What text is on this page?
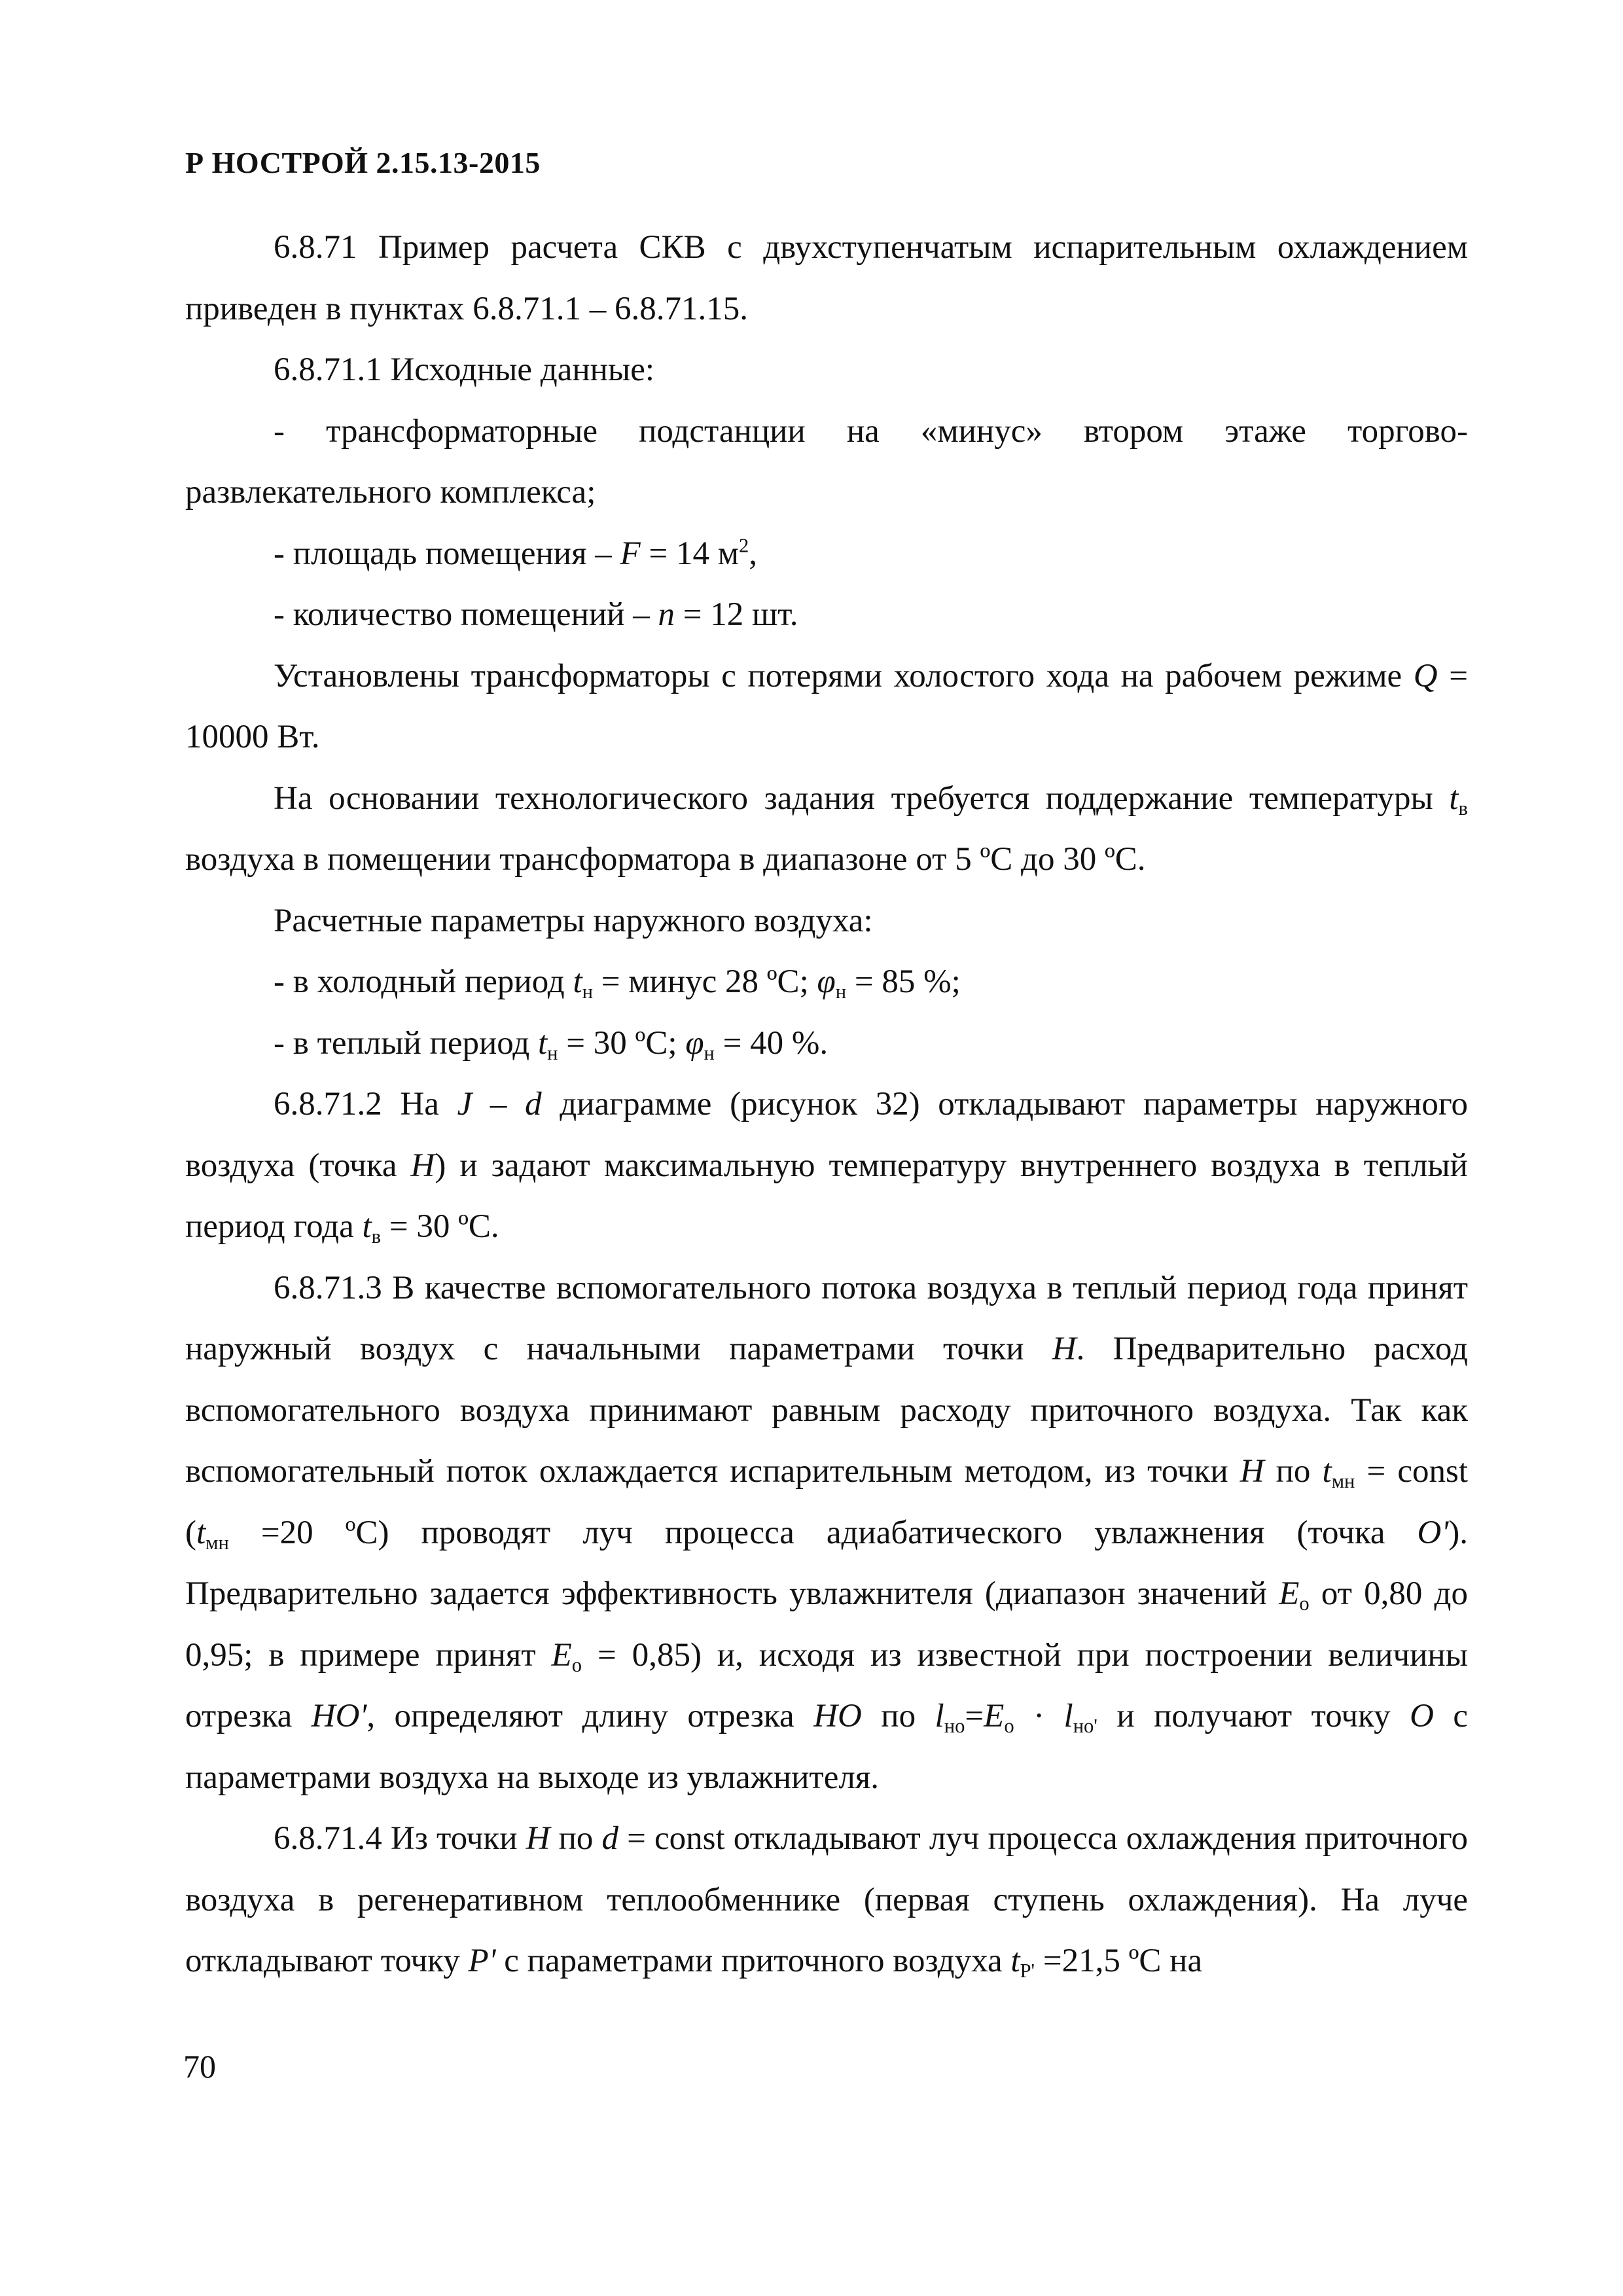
Р НОСТРОЙ 2.15.13-2015

6.8.71 Пример расчета СКВ с двухступенчатым испарительным охлаждением приведен в пунктах 6.8.71.1 – 6.8.71.15.

6.8.71.1 Исходные данные:

- трансформаторные подстанции на «минус» втором этаже торгово-развлекательного комплекса;

- площадь помещения – F = 14 $м^2$,

- количество помещений – n = 12 шт.

Установлены трансформаторы с потерями холостого хода на рабочем режиме Q = 10000 Вт.

На основании технологического задания требуется поддержание температуры $t_в$ воздуха в помещении трансформатора в диапазоне от 5 ºС до 30 ºС.

Расчетные параметры наружного воздуха:

- в холодный период $t_н$ = минус 28 ºС; $\varphi_н = 85$ %;

- в теплый период $t_н = 30$ ºС; $\varphi_н = 40$ %.

6.8.71.2 На J – d диаграмме (рисунок 32) откладывают параметры наружного воздуха (точка Н) и задают максимальную температуру внутреннего воздуха в теплый период года $t_в = 30$ ºС.

6.8.71.3 В качестве вспомогательного потока воздуха в теплый период года принят наружный воздух с начальными параметрами точки Н. Предварительно расход вспомогательного воздуха принимают равным расходу приточного воздуха. Так как вспомогательный поток охлаждается испарительным методом, из точки Н по $t_{мн}$ = const ($t_{мн} =20$ ºС) проводят луч процесса адиабатического увлажнения (точка О'). Предварительно задается эффективность увлажнителя (диапазон значений $E_о$ от 0,80 до 0,95; в примере принят $E_о = 0,85$) и, исходя из известной при построении величины отрезка НО', определяют длину отрезка НО по $l_{но}=E_о \cdot l_{но'}$ и получают точку О с параметрами воздуха на выходе из увлажнителя.

6.8.71.4 Из точки Н по d = const откладывают луч процесса охлаждения приточного воздуха в регенеративном теплообменнике (первая ступень охлаждения). На луче откладывают точку Р' с параметрами приточного воздуха $t_{Р'} =21,5$ ºС на

70
